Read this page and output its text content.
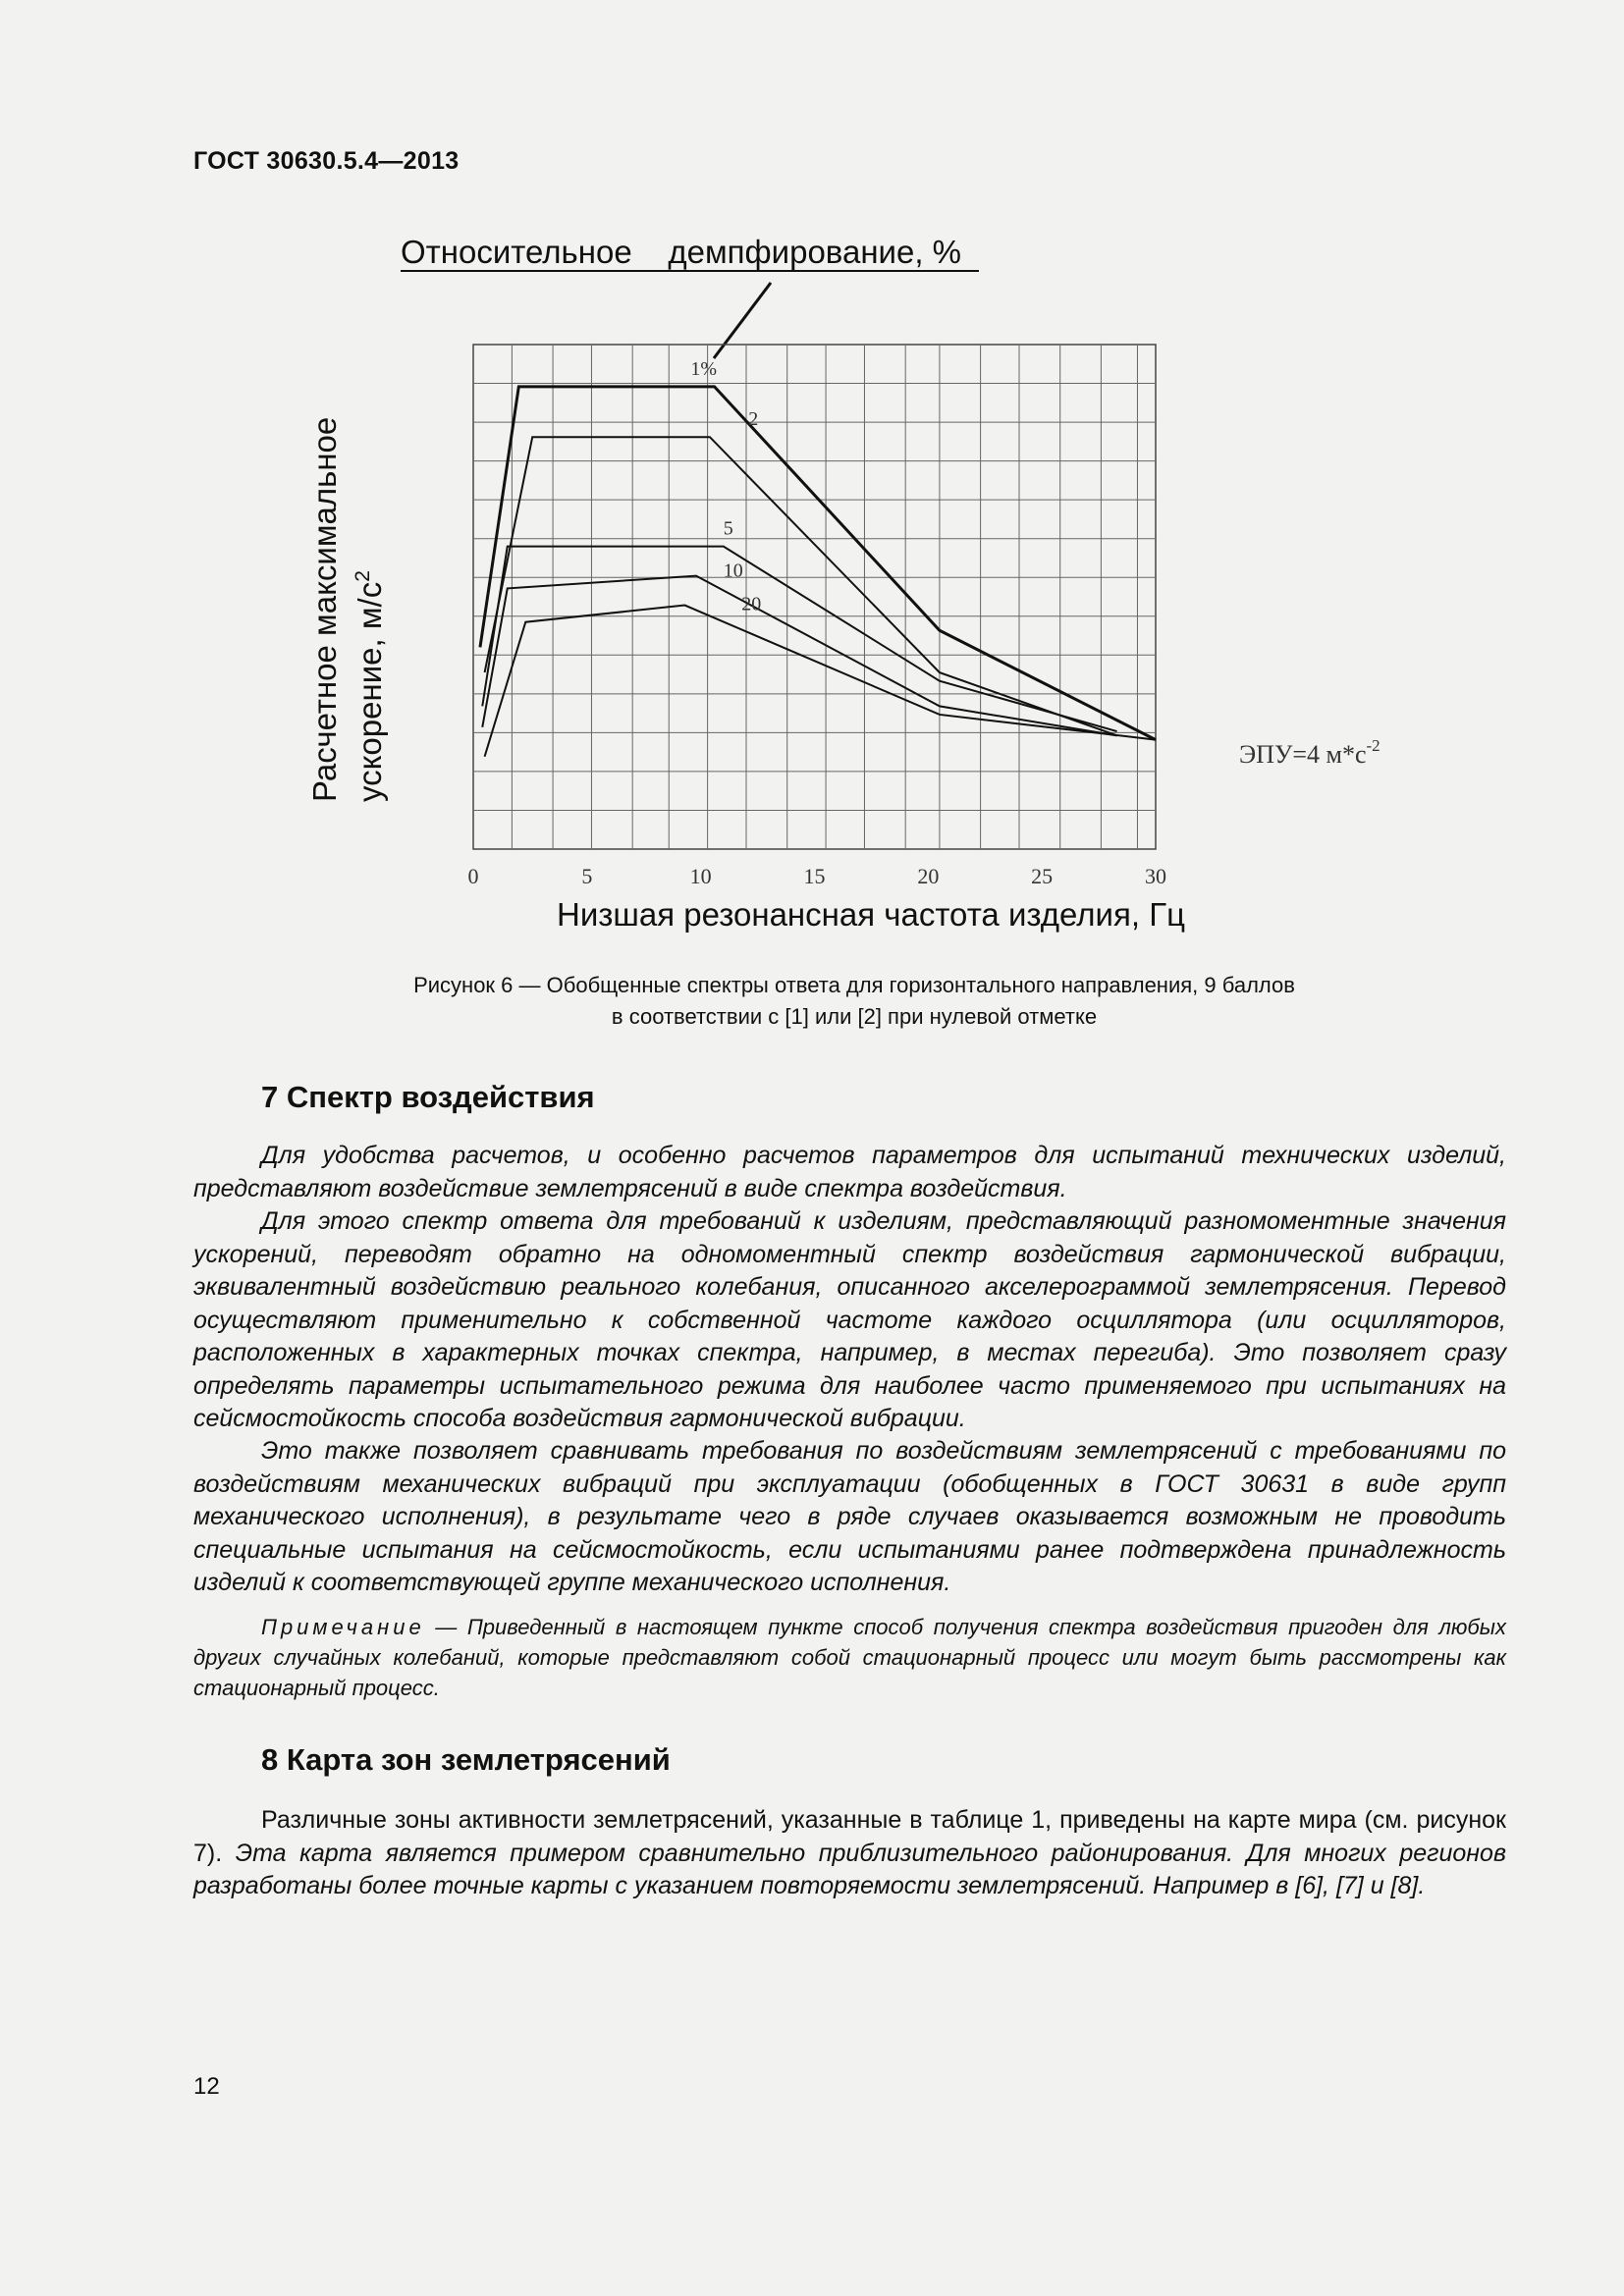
ГОСТ 30630.5.4—2013
Относительное    демпфирование, %
Расчетное максимальное ускорение, $м/с^2$
0	5	10	15	20	25	30
1%
2
5
10
20
Низшая резонансная частота изделия, Гц
ЭПУ=4 $м*с^{-2}$
Рисунок 6 — Обобщенные спектры ответа для горизонтального направления, 9 баллов
в соответствии с [1] или [2] при нулевой отметке
7 Спектр воздействия

Для удобства расчетов, и особенно расчетов параметров для испытаний технических изделий, представляют воздействие землетрясений в виде спектра воздействия.

Для этого спектр ответа для требований к изделиям, представляющий разномоментные значения ускорений, переводят обратно на одномоментный спектр воздействия гармонической вибрации, эквивалентный воздействию реального колебания, описанного акселерограммой землетрясения. Перевод осуществляют применительно к собственной частоте каждого осциллятора (или осцилляторов, расположенных в характерных точках спектра, например, в местах перегиба). Это позволяет сразу определять параметры испытательного режима для наиболее часто применяемого при испытаниях на сейсмостойкость способа воздействия гармонической вибрации.

Это также позволяет сравнивать требования по воздействиям землетрясений с требованиями по воздействиям механических вибраций при эксплуатации (обобщенных в ГОСТ 30631 в виде групп механического исполнения), в результате чего в ряде случаев оказывается возможным не проводить специальные испытания на сейсмостойкость, если испытаниями ранее подтверждена принадлежность изделий к соответствующей группе механического исполнения.

Примечание — Приведенный в настоящем пункте способ получения спектра воздействия пригоден для любых других случайных колебаний, которые представляют собой стационарный процесс или могут быть рассмотрены как стационарный процесс.

8 Карта зон землетрясений

Различные зоны активности землетрясений, указанные в таблице 1, приведены на карте мира (см. рисунок 7). Эта карта является примером сравнительно приблизительного районирования. Для многих регионов разработаны более точные карты с указанием повторяемости землетрясений. Например в [6], [7] и [8].

12
